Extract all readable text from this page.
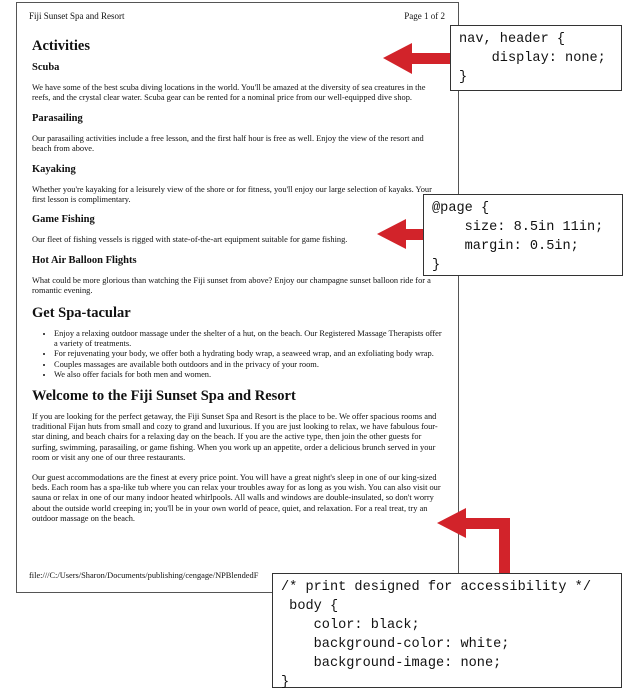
Fiji Sunset Spa and Resort	Page 1 of 2
Activities
Scuba

We have some of the best scuba diving locations in the world. You'll be amazed at the diversity of sea creatures in the reefs, and the crystal clear water. Scuba gear can be rented for a nominal price from our well-equipped dive shop.

Parasailing

Our parasailing activities include a free lesson, and the first half hour is free as well. Enjoy the view of the resort and beach from above.

Kayaking

Whether you're kayaking for a leisurely view of the shore or for fitness, you'll enjoy our large selection of kayaks. Your first lesson is complimentary.

Game Fishing

Our fleet of fishing vessels is rigged with state-of-the-art equipment suitable for game fishing.

Hot Air Balloon Flights

What could be more glorious than watching the Fiji sunset from above? Enjoy our champagne sunset balloon ride for a romantic evening.

Get Spa-tacular
• Enjoy a relaxing outdoor massage under the shelter of a hut, on the beach. Our Registered Massage Therapists offer a variety of treatments.
• For rejuvenating your body, we offer both a hydrating body wrap, a seaweed wrap, and an exfoliating body wrap.
• Couples massages are available both outdoors and in the privacy of your room.
• We also offer facials for both men and women.
Welcome to the Fiji Sunset Spa and Resort

If you are looking for the perfect getaway, the Fiji Sunset Spa and Resort is the place to be. We offer spacious rooms and traditional Fijan huts from small and cozy to grand and luxurious. If you are just looking to relax, we have fabulous four-star dining, and beach chairs for a relaxing day on the beach. If you are the active type, then join the other guests for surfing, swimming, parasailing, or game fishing. When you work up an appetite, order a delicious brunch served in your room or visit any one of our three restaurants.

Our guest accommodations are the finest at every price point. You will have a great night's sleep in one of our king-sized beds. Each room has a spa-like tub where you can relax your troubles away for as long as you wish. You can also visit our sauna or relax in one of our many indoor heated whirlpools. All walls and windows are double-insulated, so don't worry about the outside world creeping in; you'll be in your own world of peace, quiet, and relaxation. For a real treat, try an outdoor massage on the beach.

file:///C:/Users/Sharon/Documents/publishing/cengage/NPBlendedF
nav, header {
display: none;
}
@page {
size: 8.5in 11in;
margin: 0.5in;
}
/* print designed for accessibility */
body {
color: black;
background-color: white;
background-image: none;
}
